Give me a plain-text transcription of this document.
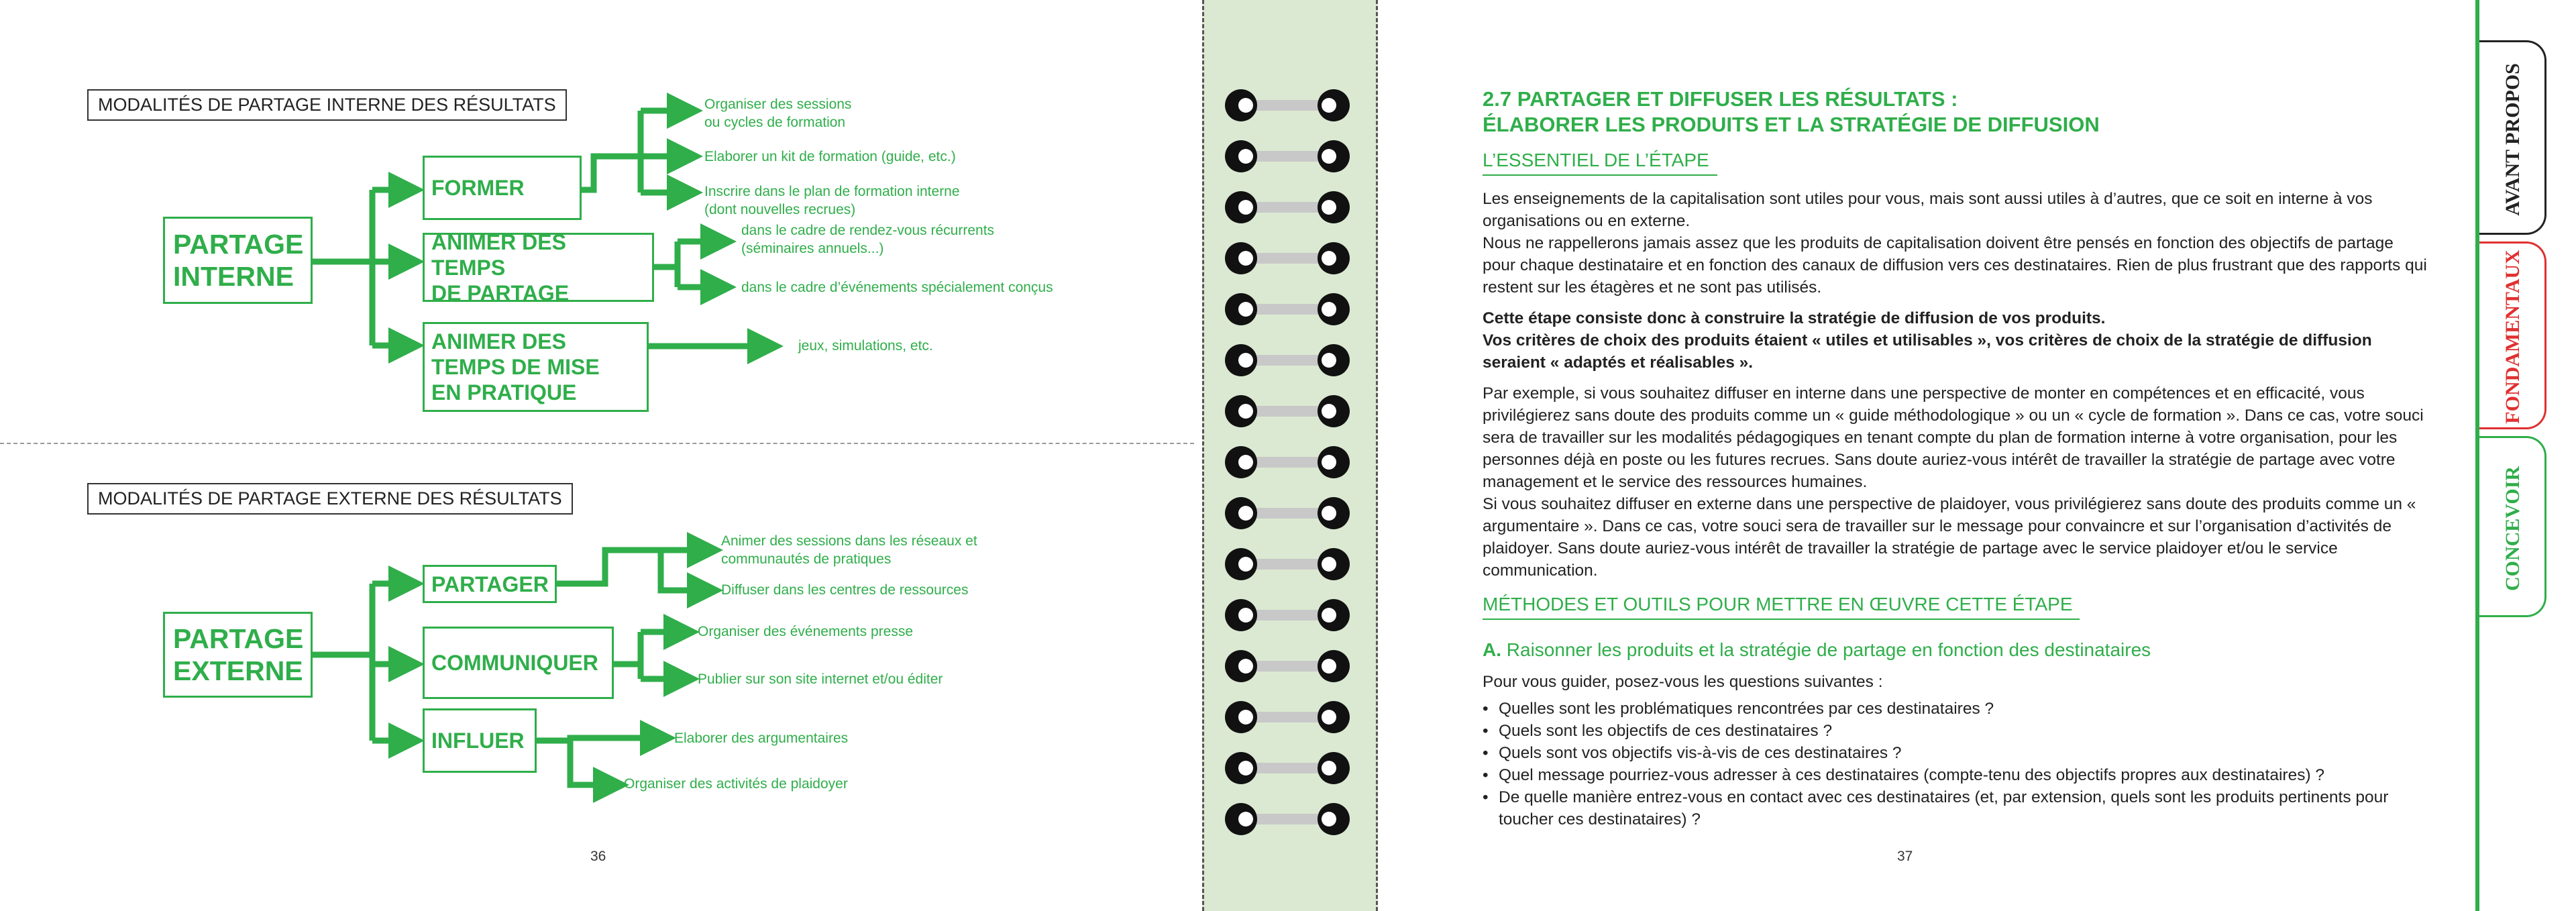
MODALITÉS DE PARTAGE INTERNE DES RÉSULTATS
PARTAGE
INTERNE
FORMER
ANIMER DES TEMPS
DE PARTAGE
ANIMER DES
TEMPS DE MISE
EN PRATIQUE
Organiser des sessions
ou cycles de formation
Elaborer un kit de formation (guide, etc.)
Inscrire dans le plan de formation interne
(dont nouvelles recrues)
dans le cadre de rendez-vous récurrents
(séminaires annuels...)
dans le cadre d’événements spécialement conçus
jeux, simulations, etc.
MODALITÉS DE PARTAGE EXTERNE DES RÉSULTATS
PARTAGE
EXTERNE
PARTAGER
COMMUNIQUER
INFLUER
Animer des sessions dans les réseaux et
communautés de pratiques
Diffuser dans les centres de ressources
Organiser des événements presse
Publier sur son site internet et/ou éditer
Elaborer des argumentaires
Organiser des activités de plaidoyer
36
2.7 PARTAGER ET DIFFUSER LES RÉSULTATS :
ÉLABORER LES PRODUITS ET LA STRATÉGIE DE DIFFUSION
L’ESSENTIEL DE L’ÉTAPE
Les enseignements de la capitalisation sont utiles pour vous, mais sont aussi utiles à d’autres, que ce soit en interne à vos organisations ou en externe.
Nous ne rappellerons jamais assez que les produits de capitalisation doivent être pensés en fonction des objectifs de partage pour chaque destinataire et en fonction des canaux de diffusion vers ces destinataires. Rien de plus frustrant que des rapports qui restent sur les étagères et ne sont pas utilisés.
Cette étape consiste donc à construire la stratégie de diffusion de vos produits.
Vos critères de choix des produits étaient « utiles et utilisables », vos critères de choix de la stratégie de diffusion seraient « adaptés et réalisables ».
Par exemple, si vous souhaitez diffuser en interne dans une perspective de monter en compétences et en efficacité, vous privilégierez sans doute des produits comme un « guide méthodologique » ou un « cycle de formation ». Dans ce cas, votre souci sera de travailler sur les modalités pédagogiques en tenant compte du plan de formation interne à votre organisation, pour les personnes déjà en poste ou les futures recrues. Sans doute auriez-vous intérêt de travailler la stratégie de partage avec votre management et le service des ressources humaines.
Si vous souhaitez diffuser en externe dans une perspective de plaidoyer, vous privilégierez sans doute des produits comme un « argumentaire ». Dans ce cas, votre souci sera de travailler sur le message pour convaincre et sur l’organisation d’activités de plaidoyer. Sans doute auriez-vous intérêt de travailler la stratégie de partage avec le service plaidoyer et/ou le service communication.
MÉTHODES ET OUTILS POUR METTRE EN ŒUVRE CETTE ÉTAPE
A. Raisonner les produits et la stratégie de partage en fonction des destinataires
Pour vous guider, posez-vous les questions suivantes :
• Quelles sont les problématiques rencontrées par ces destinataires ?
• Quels sont les objectifs de ces destinataires ?
• Quels sont vos objectifs vis-à-vis de ces destinataires ?
• Quel message pourriez-vous adresser à ces destinataires (compte-tenu des objectifs propres aux destinataires) ?
• De quelle manière entrez-vous en contact avec ces destinataires (et, par extension, quels sont les produits pertinents pour toucher ces destinataires) ?
37
AVANT PROPOS
FONDAMENTAUX
CONCEVOIR
